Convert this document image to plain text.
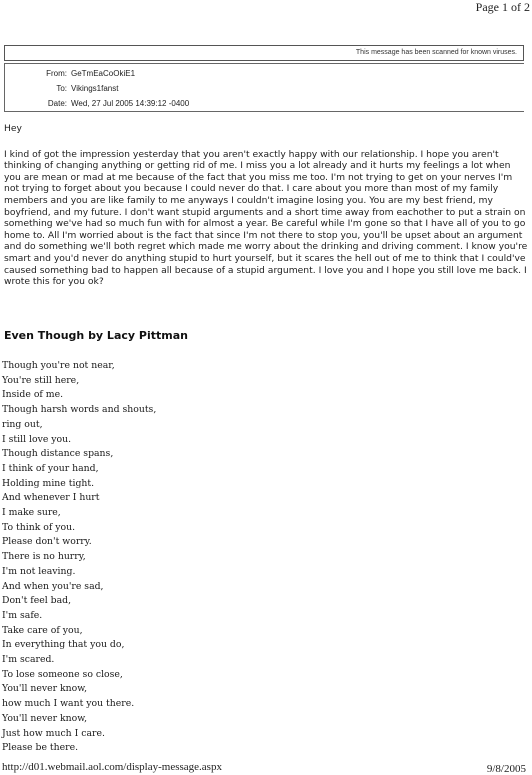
Page 1 of 2
This message has been scanned for known viruses.
From: GeTmEaCoOkiE1
To: Vikings1fanst
Date: Wed, 27 Jul 2005 14:39:12 -0400

Hey

I kind of got the impression yesterday that you aren't exactly happy with our relationship. I hope you aren't thinking of changing anything or getting rid of me. I miss you a lot already and it hurts my feelings a lot when you are mean or mad at me because of the fact that you miss me too. I'm not trying to get on your nerves I'm not trying to forget about you because I could never do that. I care about you more than most of my family members and you are like family to me anyways I couldn't imagine losing you. You are my best friend, my boyfriend, and my future. I don't want stupid arguments and a short time away from eachother to put a strain on something we've had so much fun with for almost a year. Be careful while I'm gone so that I have all of you to go home to. All I'm worried about is the fact that since I'm not there to stop you, you'll be upset about an argument and do something we'll both regret which made me worry about the drinking and driving comment. I know you're smart and you'd never do anything stupid to hurt yourself, but it scares the hell out of me to think that I could've caused something bad to happen all because of a stupid argument. I love you and I hope you still love me back. I wrote this for you ok?

Even Though by Lacy Pittman
Though you're not near,
You're still here,
Inside of me.
Though harsh words and shouts,
ring out,
I still love you.
Though distance spans,
I think of your hand,
Holding mine tight.
And whenever I hurt
I make sure,
To think of you.
Please don't worry.
There is no hurry,
I'm not leaving.
And when you're sad,
Don't feel bad,
I'm safe.
Take care of you,
In everything that you do,
I'm scared.
To lose someone so close,
You'll never know,
how much I want you there.
You'll never know,
Just how much I care.
Please be there.
http://d01.webmail.aol.com/display-message.aspx	9/8/2005
